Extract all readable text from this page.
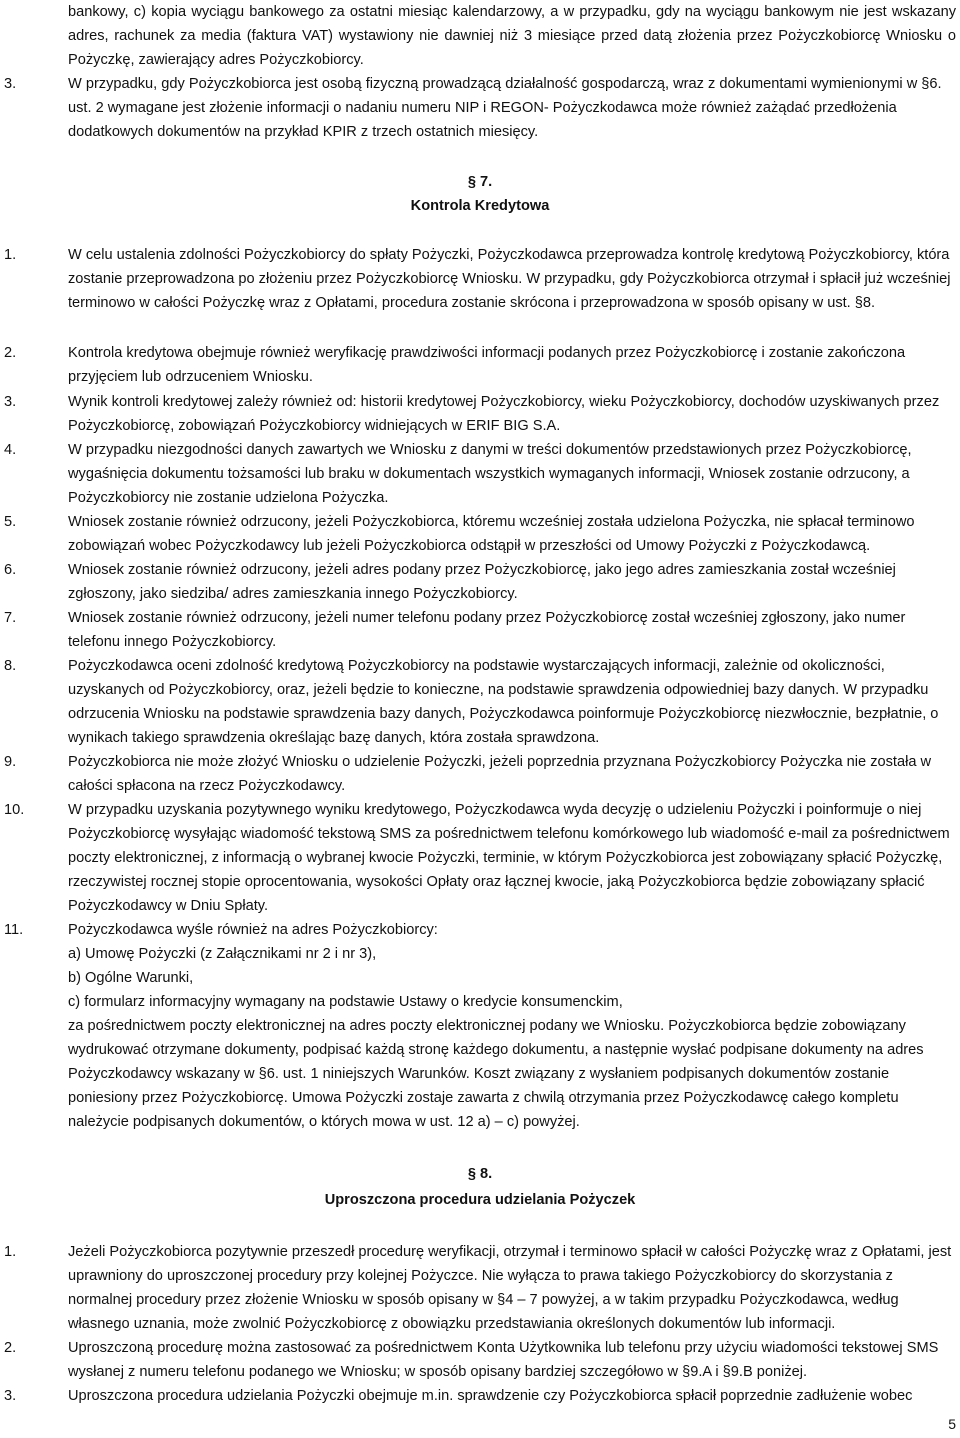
bankowy, c) kopia wyciągu bankowego za ostatni miesiąc kalendarzowy, a w przypadku, gdy na wyciągu bankowym nie jest wskazany adres, rachunek za media (faktura VAT) wystawiony nie dawniej niż 3 miesiące przed datą złożenia przez Pożyczkobiorcę Wniosku o Pożyczkę, zawierający adres Pożyczkobiorcy.
3.	W przypadku, gdy Pożyczkobiorca jest osobą fizyczną prowadzącą działalność gospodarczą, wraz z dokumentami wymienionymi w §6. ust. 2 wymagane jest złożenie informacji o nadaniu numeru NIP i REGON- Pożyczkodawca może również zażądać przedłożenia dodatkowych dokumentów na przykład KPIR z trzech ostatnich miesięcy.
§ 7.
Kontrola Kredytowa
1.	W celu ustalenia zdolności Pożyczkobiorcy do spłaty Pożyczki, Pożyczkodawca przeprowadza kontrolę kredytową Pożyczkobiorcy, która zostanie przeprowadzona po złożeniu przez Pożyczkobiorcę Wniosku. W przypadku, gdy Pożyczkobiorca otrzymał i spłacił już wcześniej terminowo w całości Pożyczkę wraz z Opłatami, procedura zostanie skrócona i przeprowadzona w sposób opisany w ust. §8.
2.	Kontrola kredytowa obejmuje również weryfikację prawdziwości informacji podanych przez Pożyczkobiorcę i zostanie zakończona przyjęciem lub odrzuceniem Wniosku.
3.	Wynik kontroli kredytowej zależy również od: historii kredytowej Pożyczkobiorcy, wieku Pożyczkobiorcy, dochodów uzyskiwanych przez Pożyczkobiorcę, zobowiązań Pożyczkobiorcy widniejących w ERIF BIG S.A.
4.	W przypadku niezgodności danych zawartych we Wniosku z danymi w treści dokumentów przedstawionych przez Pożyczkobiorcę, wygaśnięcia dokumentu tożsamości lub braku w dokumentach wszystkich wymaganych informacji, Wniosek zostanie odrzucony, a Pożyczkobiorcy nie zostanie udzielona Pożyczka.
5.	Wniosek zostanie również odrzucony, jeżeli Pożyczkobiorca, któremu wcześniej została udzielona Pożyczka, nie spłacał terminowo zobowiązań wobec Pożyczkodawcy lub jeżeli Pożyczkobiorca odstąpił w przeszłości od Umowy Pożyczki z Pożyczkodawcą.
6.	Wniosek zostanie również odrzucony, jeżeli adres podany przez Pożyczkobiorcę, jako jego adres zamieszkania został wcześniej zgłoszony, jako siedziba/ adres zamieszkania innego Pożyczkobiorcy.
7.	Wniosek zostanie również odrzucony, jeżeli numer telefonu podany przez Pożyczkobiorcę został wcześniej zgłoszony, jako numer telefonu innego Pożyczkobiorcy.
8.	Pożyczkodawca oceni zdolność kredytową Pożyczkobiorcy na podstawie wystarczających informacji, zależnie od okoliczności, uzyskanych od Pożyczkobiorcy, oraz, jeżeli będzie to konieczne, na podstawie sprawdzenia odpowiedniej bazy danych. W przypadku odrzucenia Wniosku na podstawie sprawdzenia bazy danych, Pożyczkodawca poinformuje Pożyczkobiorcę niezwłocznie, bezpłatnie, o wynikach takiego sprawdzenia określając bazę danych, która została sprawdzona.
9.	Pożyczkobiorca nie może złożyć Wniosku o udzielenie Pożyczki, jeżeli poprzednia przyznana Pożyczkobiorcy Pożyczka nie została w całości spłacona na rzecz Pożyczkodawcy.
10.	W przypadku uzyskania pozytywnego wyniku kredytowego, Pożyczkodawca wyda decyzję o udzieleniu Pożyczki i poinformuje o niej Pożyczkobiorcę wysyłając wiadomość tekstową SMS za pośrednictwem telefonu komórkowego lub wiadomość e-mail za pośrednictwem poczty elektronicznej, z informacją o wybranej kwocie Pożyczki, terminie, w którym Pożyczkobiorca jest zobowiązany spłacić Pożyczkę, rzeczywistej rocznej stopie oprocentowania, wysokości Opłaty oraz łącznej kwocie, jaką Pożyczkobiorca będzie zobowiązany spłacić Pożyczkodawcy w Dniu Spłaty.
11.	Pożyczkodawca wyśle również na adres Pożyczkobiorcy:
a) Umowę Pożyczki (z Załącznikami nr 2 i nr 3),
b) Ogólne Warunki,
c) formularz informacyjny wymagany na podstawie Ustawy o kredycie konsumenckim,
za pośrednictwem poczty elektronicznej na adres poczty elektronicznej podany we Wniosku. Pożyczkobiorca będzie zobowiązany wydrukować otrzymane dokumenty, podpisać każdą stronę każdego dokumentu, a następnie wysłać podpisane dokumenty na adres Pożyczkodawcy wskazany w §6. ust. 1 niniejszych Warunków. Koszt związany z wysłaniem podpisanych dokumentów zostanie poniesiony przez Pożyczkobiorcę. Umowa Pożyczki zostaje zawarta z chwilą otrzymania przez Pożyczkodawcę całego kompletu należycie podpisanych dokumentów, o których mowa w ust. 12 a) – c) powyżej.
§ 8.
Uproszczona procedura udzielania Pożyczek
1.	Jeżeli Pożyczkobiorca pozytywnie przeszedł procedurę weryfikacji, otrzymał i terminowo spłacił w całości Pożyczkę wraz z Opłatami, jest uprawniony do uproszczonej procedury przy kolejnej Pożyczce. Nie wyłącza to prawa takiego Pożyczkobiorcy do skorzystania z normalnej procedury przez złożenie Wniosku w sposób opisany w §4 – 7 powyżej, a w takim przypadku Pożyczkodawca, według własnego uznania, może zwolnić Pożyczkobiorcę z obowiązku przedstawiania określonych dokumentów lub informacji.
2.	Uproszczoną procedurę można zastosować za pośrednictwem Konta Użytkownika lub telefonu przy użyciu wiadomości tekstowej SMS wysłanej z numeru telefonu podanego we Wniosku; w sposób opisany bardziej szczegółowo w §9.A i §9.B poniżej.
3.	Uproszczona procedura udzielania Pożyczki obejmuje m.in. sprawdzenie czy Pożyczkobiorca spłacił poprzednie zadłużenie wobec
5
